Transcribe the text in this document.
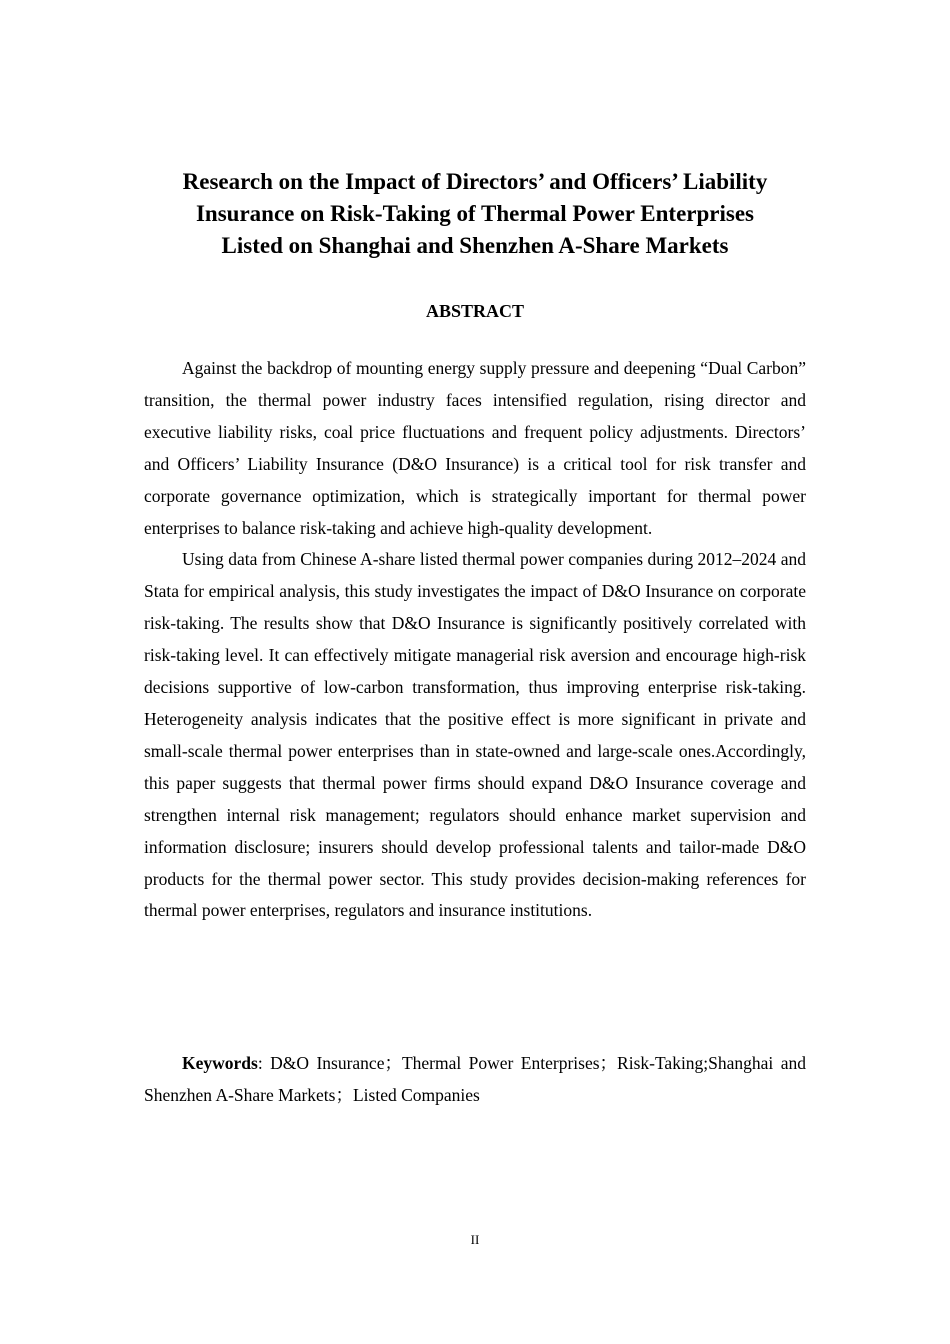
Research on the Impact of Directors’ and Officers’ Liability
Insurance on Risk-Taking of Thermal Power Enterprises
Listed on Shanghai and Shenzhen A-Share Markets
ABSTRACT

Against the backdrop of mounting energy supply pressure and deepening “Dual Carbon” transition, the thermal power industry faces intensified regulation, rising director and executive liability risks, coal price fluctuations and frequent policy adjustments. Directors’ and Officers’ Liability Insurance (D&O Insurance) is a critical tool for risk transfer and corporate governance optimization, which is strategically important for thermal power enterprises to balance risk-taking and achieve high-quality development.

Using data from Chinese A-share listed thermal power companies during 2012–2024 and Stata for empirical analysis, this study investigates the impact of D&O Insurance on corporate risk-taking. The results show that D&O Insurance is significantly positively correlated with risk-taking level. It can effectively mitigate managerial risk aversion and encourage high-risk decisions supportive of low-carbon transformation, thus improving enterprise risk-taking. Heterogeneity analysis indicates that the positive effect is more significant in private and small-scale thermal power enterprises than in state-owned and large-scale ones.Accordingly, this paper suggests that thermal power firms should expand D&O Insurance coverage and strengthen internal risk management; regulators should enhance market supervision and information disclosure; insurers should develop professional talents and tailor-made D&O products for the thermal power sector. This study provides decision-making references for thermal power enterprises, regulators and insurance institutions.

Keywords: D&O Insurance；Thermal Power Enterprises；Risk-Taking;Shanghai and Shenzhen A-Share Markets；Listed Companies

II
